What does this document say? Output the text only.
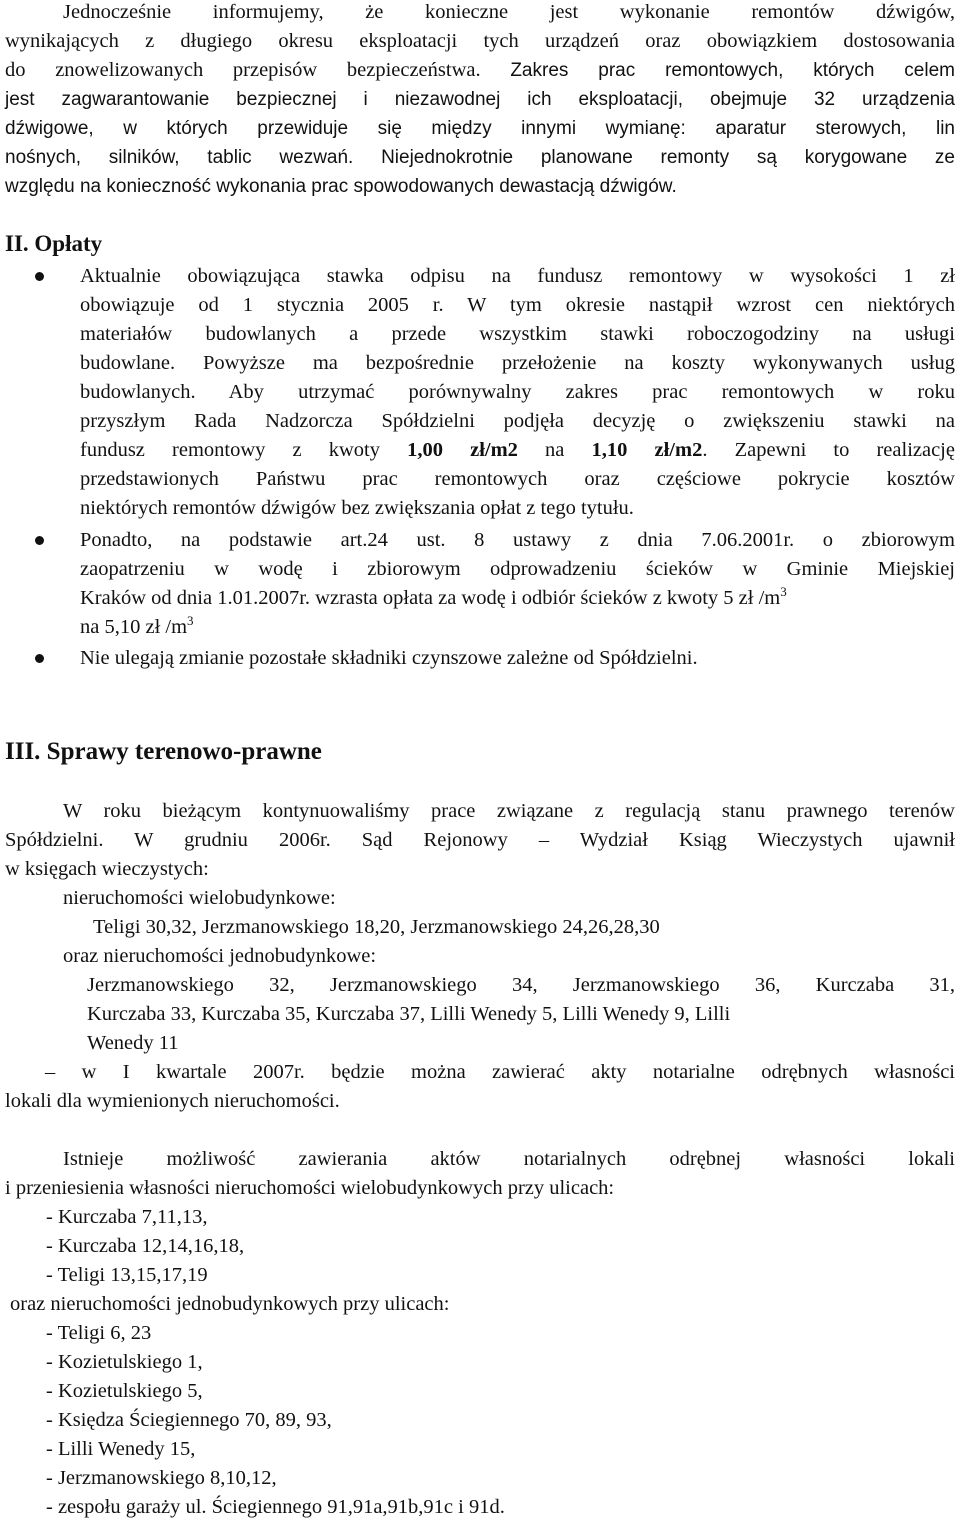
Jednocześnie informujemy, że konieczne jest wykonanie remontów dźwigów,
wynikających z długiego okresu eksploatacji tych urządzeń oraz obowiązkiem dostosowania
do znowelizowanych przepisów bezpieczeństwa. Zakres prac remontowych, których celem
jest zagwarantowanie bezpiecznej i niezawodnej ich eksploatacji, obejmuje 32 urządzenia
dźwigowe, w których przewiduje się między innymi wymianę: aparatur sterowych, lin
nośnych, silników, tablic wezwań. Niejednokrotnie planowane remonty są korygowane ze
względu na konieczność wykonania prac spowodowanych dewastacją dźwigów.
II. Opłaty
Aktualnie obowiązująca stawka odpisu na fundusz remontowy w wysokości 1 zł
obowiązuje od 1 stycznia 2005 r. W tym okresie nastąpił wzrost cen niektórych
materiałów budowlanych a przede wszystkim stawki roboczogodziny na usługi
budowlane. Powyższe ma bezpośrednie przełożenie na koszty wykonywanych usług
budowlanych. Aby utrzymać porównywalny zakres prac remontowych w roku
przyszłym Rada Nadzorcza Spółdzielni podjęła decyzję o zwiększeniu stawki na
fundusz remontowy z kwoty 1,00 zł/m2 na 1,10 zł/m2. Zapewni to realizację
przedstawionych Państwu prac remontowych oraz częściowe pokrycie kosztów
niektórych remontów dźwigów bez zwiększania opłat z tego tytułu.
Ponadto, na podstawie art.24 ust. 8 ustawy z dnia 7.06.2001r. o zbiorowym
zaopatrzeniu w wodę i zbiorowym odprowadzeniu ścieków w Gminie Miejskiej
Kraków od dnia 1.01.2007r. wzrasta opłata za wodę i odbiór ścieków z kwoty 5 zł $/m^3$
na 5,10 zł $/m^3$
Nie ulegają zmianie pozostałe składniki czynszowe zależne od Spółdzielni.
III. Sprawy terenowo-prawne
W roku bieżącym kontynuowaliśmy prace związane z regulacją stanu prawnego terenów
Spółdzielni. W grudniu 2006r. Sąd Rejonowy – Wydział Ksiąg Wieczystych ujawnił
w księgach wieczystych:
nieruchomości wielobudynkowe:
Teligi 30,32, Jerzmanowskiego 18,20, Jerzmanowskiego 24,26,28,30
oraz nieruchomości jednobudynkowe:
Jerzmanowskiego 32, Jerzmanowskiego 34, Jerzmanowskiego 36, Kurczaba 31,
Kurczaba 33, Kurczaba 35, Kurczaba 37, Lilli Wenedy 5, Lilli Wenedy 9, Lilli
Wenedy 11
– w I kwartale 2007r. będzie można zawierać akty notarialne odrębnych własności
lokali dla wymienionych nieruchomości.
Istnieje możliwość zawierania aktów notarialnych odrębnej własności lokali
i przeniesienia własności nieruchomości wielobudynkowych przy ulicach:
- Kurczaba 7,11,13,
- Kurczaba 12,14,16,18,
- Teligi 13,15,17,19
oraz nieruchomości jednobudynkowych przy ulicach:
- Teligi 6, 23
- Kozietulskiego 1,
- Kozietulskiego 5,
- Księdza Ściegiennego 70, 89, 93,
- Lilli Wenedy 15,
- Jerzmanowskiego 8,10,12,
- zespołu garaży ul. Ściegiennego 91,91a,91b,91c i 91d.
